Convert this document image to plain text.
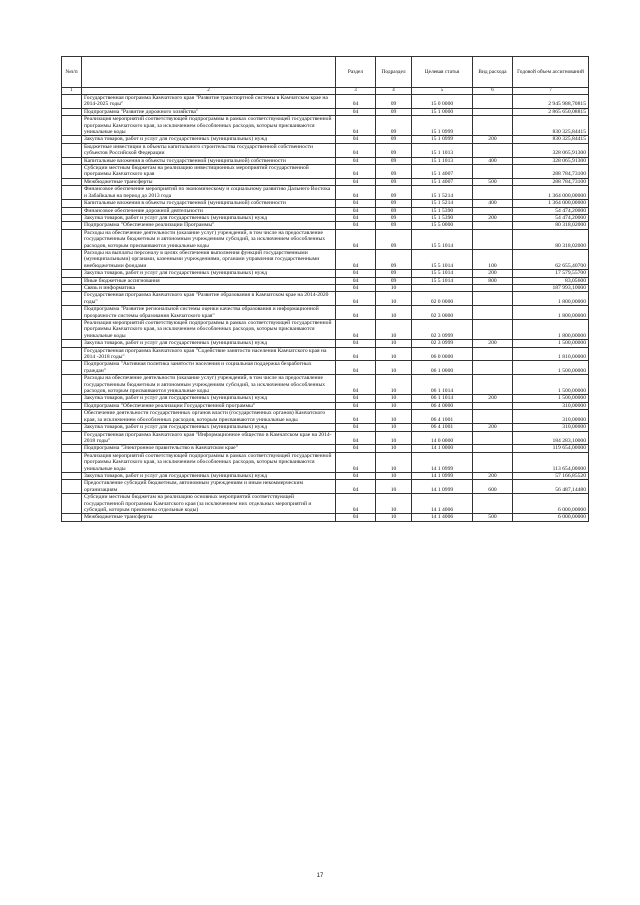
№п/п		Раздел	Подраздел	Целевая статья	Вид расхода	Годовой объем ассигнований
1	2	3	4	5	6	7
	Государственная программа Камчатского края "Развитие транспортной системы в Камчатском крае на 2014-2025 годы"	04	09	15 0 0000		2 945 988,70815
	Подпрограмма "Развитие дорожного хозяйства"	04	09	15 1 0000		2 865 650,08815
	Реализация мероприятий соответствующей подпрограммы в рамках соответствующей государственной программы Камчатского края, за исключением обособленных расходов, которым присваиваются уникальные коды	04	09	15 1 0999		830 325,84415
	Закупка товаров, работ и услуг для государственных (муниципальных) нужд	04	09	15 1 0999	200	830 325,84415
	Бюджетные инвестиции в объекты капитального строительства государственной собственности субъектов Российской Федерации	04	09	15 1 1013		328 065,91300
	Капитальные вложения в объекты государственной (муниципальной) собственности	04	09	15 1 1013	400	328 065,91300
	Субсидии местным бюджетам на реализацию инвестиционных мероприятий государственной программы Камчатского края	04	09	15 1 4007		288 784,73100
	Межбюджетные трансферты	04	09	15 1 4007	500	288 784,73100
	Финансовое обеспечение мероприятий по экономическому и социальному развитию Дальнего Востока и Забайкалья на период до 2013 года	04	09	15 1 5214		1 364 000,00000
	Капитальные вложения в объекты государственной (муниципальной) собственности	04	09	15 1 5214	400	1 364 000,00000
	Финансовое обеспечение дорожной деятельности	04	09	15 1 5390		54 474,20000
	Закупка товаров, работ и услуг для государственных (муниципальных) нужд	04	09	15 1 5390	200	54 474,20000
	Подпрограмма "Обеспечение реализации Программы"	04	09	15 5 0000		80 318,02000
	Расходы на обеспечение деятельности (оказание услуг) учреждений, в том числе на предоставление государственным бюджетным и автономным учреждениям субсидий, за исключением обособленных расходов, которым присваиваются уникальные коды	04	09	15 5 1014		80 318,02000
	Расходы на выплаты персоналу в целях обеспечения выполнения функций государственными (муниципальными) органами, казенными учреждениями, органами управления государственными внебюджетными фондами	04	09	15 5 1014	100	62 655,40700
	Закупка товаров, работ и услуг для государственных (муниципальных) нужд	04	09	15 5 1014	200	17 579,55700
	Иные бюджетные ассигнования	04	09	15 5 1014	800	83,05600
	Связь и информатика	04	10			187 993,10000
	Государственная программа Камчатского края "Развитие образования в Камчатском крае на 2014-2020 годы"	04	10	02 0 0000		1 800,00000
	Подпрограмма "Развитие региональной системы оценки качества образования и информационной прозрачности системы образования Камчатского края"	04	10	02 3 0000		1 800,00000
	Реализация мероприятий соответствующей подпрограммы в рамках соответствующей государственной программы Камчатского края, за исключением обособленных расходов, которым присваиваются уникальные коды	04	10	02 3 0999		1 800,00000
	Закупка товаров, работ и услуг для государственных (муниципальных) нужд	04	10	02 3 0999	200	1 500,00000
	Государственная программа Камчатского края "Содействие занятости населения Камчатского края на 2014 -2018 годы"	04	10	06 0 0000		1 810,00000
	Подпрограмма "Активная политика занятости населения и социальная поддержка безработных граждан"	04	10	06 1 0000		1 500,00000
	Расходы на обеспечение деятельности (оказание услуг) учреждений, в том числе на предоставление государственным бюджетным и автономным учреждениям субсидий, за исключением обособленных расходов, которым присваиваются уникальные коды	04	10	06 1 1014		1 500,00000
	Закупка товаров, работ и услуг для государственных (муниципальных) нужд	04	10	06 1 1014	200	1 500,00000
	Подпрограмма "Обеспечение реализации Государственной программы"	04	10	06 4 0000		310,00000
	Обеспечение деятельности государственных органов власти (государственных органов) Камчатского края, за исключением обособленных расходов, которым присваиваются уникальные коды	04	10	06 4 1001		310,00000
	Закупка товаров, работ и услуг для государственных (муниципальных) нужд	04	10	06 4 1001	200	310,00000
	Государственная программа Камчатского края "Информационное общество в Камчатском крае на 2014-2018 годы"	04	10	14 0 0000		184 283,10000
	Подпрограмма "Электронное правительство в Камчатском крае"	04	10	14 1 0000		119 654,00000
	Реализация мероприятий соответствующей подпрограммы в рамках соответствующей государственной программы Камчатского края, за исключением обособленных расходов, которым присваиваются уникальные коды	04	10	14 1 0999		113 654,00000
	Закупка товаров, работ и услуг для государственных (муниципальных) нужд	04	10	14 1 0999	200	57 166,85520
	Предоставление субсидий бюджетным, автономным учреждениям и иным некоммерческим организациям	04	10	14 1 0999	600	56 487,14480
	Субсидии местным бюджетам на реализацию основных мероприятий соответствующей государственной программы Камчатского края (за исключением них отдельных мероприятий и субсидий, которым присвоены отдельные коды)	04	10	14 1 4006		6 000,00000
	Межбюджетные трансферты	04	10	14 1 4006	500	6 000,00000
17
